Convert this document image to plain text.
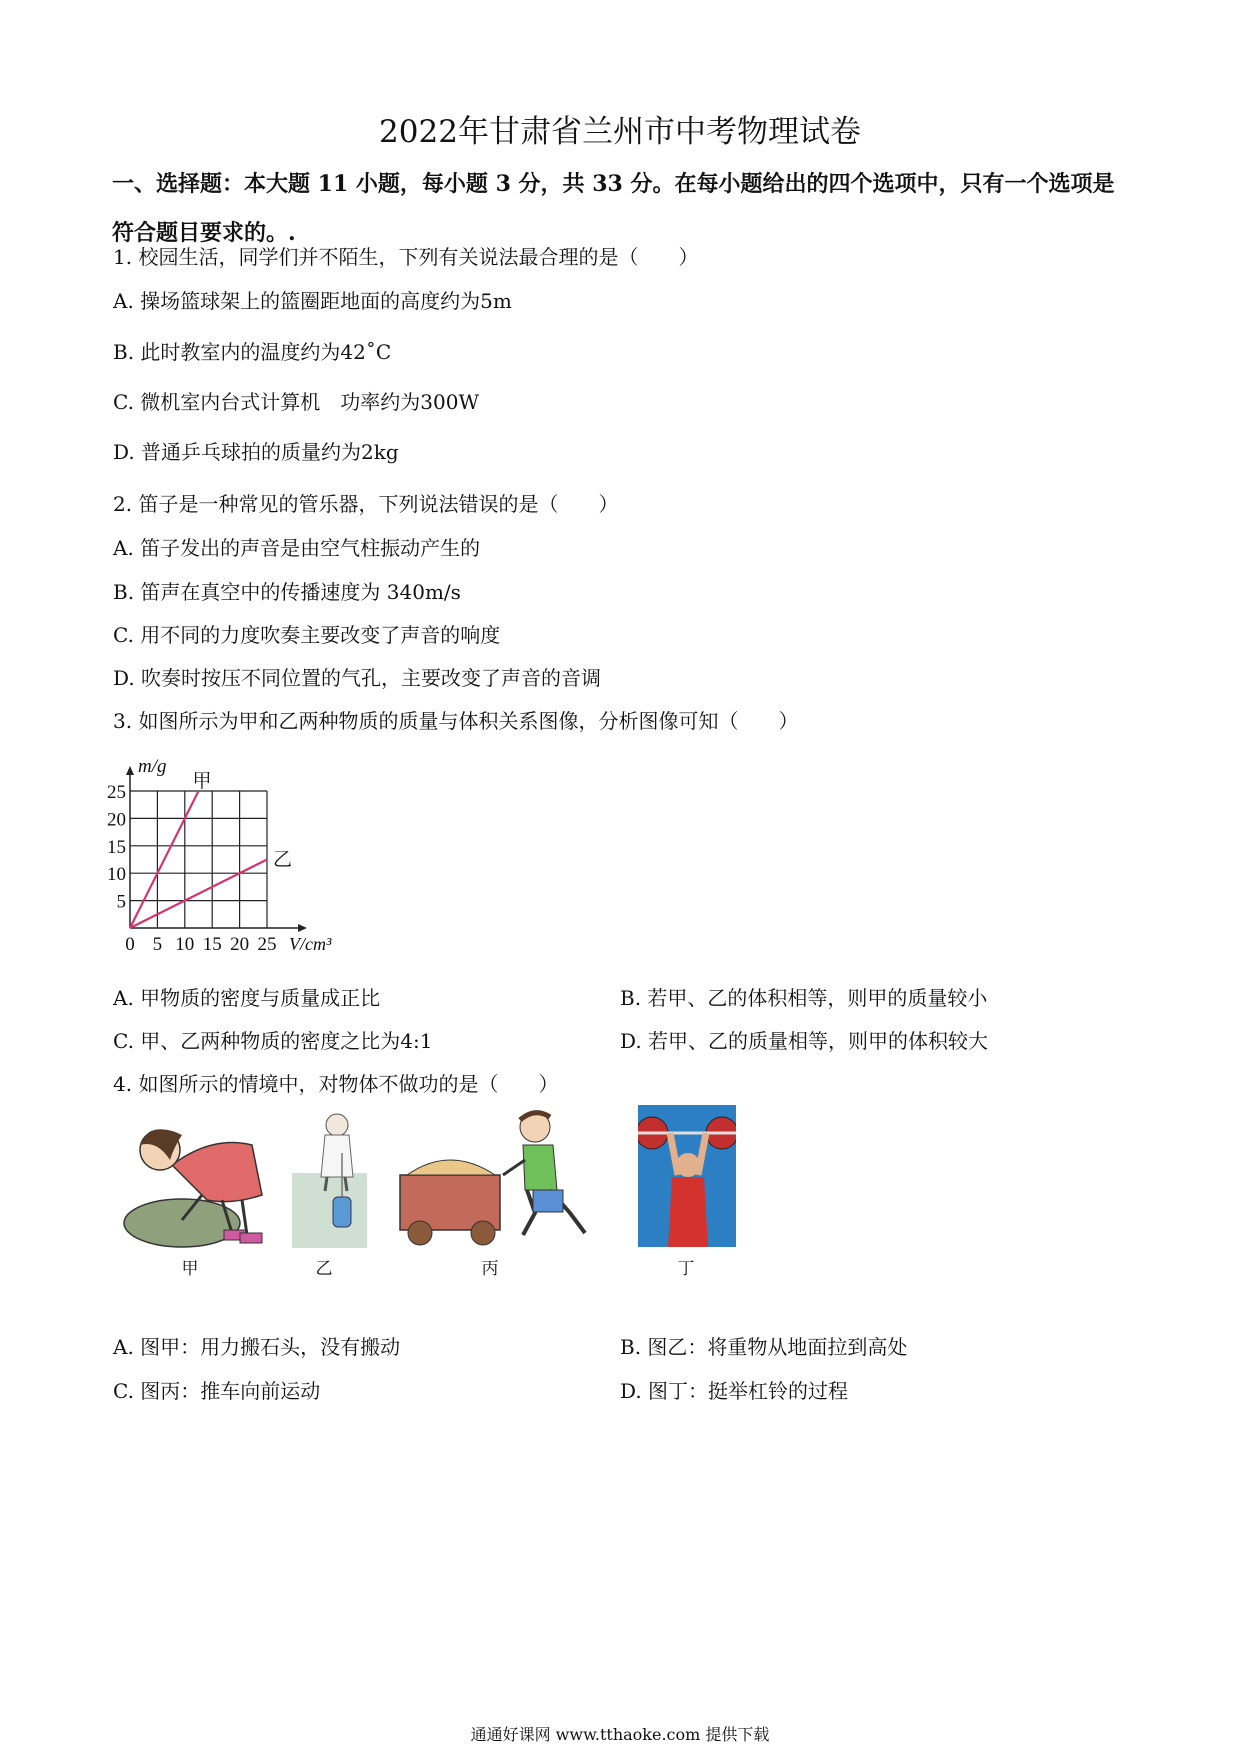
2022年甘肃省兰州市中考物理试卷
一、选择题：本大题 11 小题，每小题 3 分，共 33 分。在每小题给出的四个选项中，只有一个选项是符合题目要求的。.
1. 校园生活，同学们并不陌生，下列有关说法最合理的是（　　）
A. 操场篮球架上的篮圈距地面的高度约为5m
B. 此时教室内的温度约为42˚C
C. 微机室内台式计算机　功率约为300W
D. 普通乒乓球拍的质量约为2kg
2. 笛子是一种常见的管乐器，下列说法错误的是（　　）
A. 笛子发出的声音是由空气柱振动产生的
B. 笛声在真空中的传播速度为 340m/s
C. 用不同的力度吹奏主要改变了声音的响度
D. 吹奏时按压不同位置的气孔，主要改变了声音的音调
3. 如图所示为甲和乙两种物质的质量与体积关系图像，分析图像可知（　　）
0 5 10 15 20 25
5
10
15
20
25
m/g
V/cm³
甲
乙
A. 甲物质的密度与质量成正比	B. 若甲、乙的体积相等，则甲的质量较小
C. 甲、乙两种物质的密度之比为4:1	D. 若甲、乙的质量相等，则甲的体积较大
4. 如图所示的情境中，对物体不做功的是（　　）
甲	乙	丙	丁
A. 图甲：用力搬石头，没有搬动	B. 图乙：将重物从地面拉到高处
C. 图丙：推车向前运动	D. 图丁：挺举杠铃的过程
通通好课网 www.tthaoke.com 提供下载
